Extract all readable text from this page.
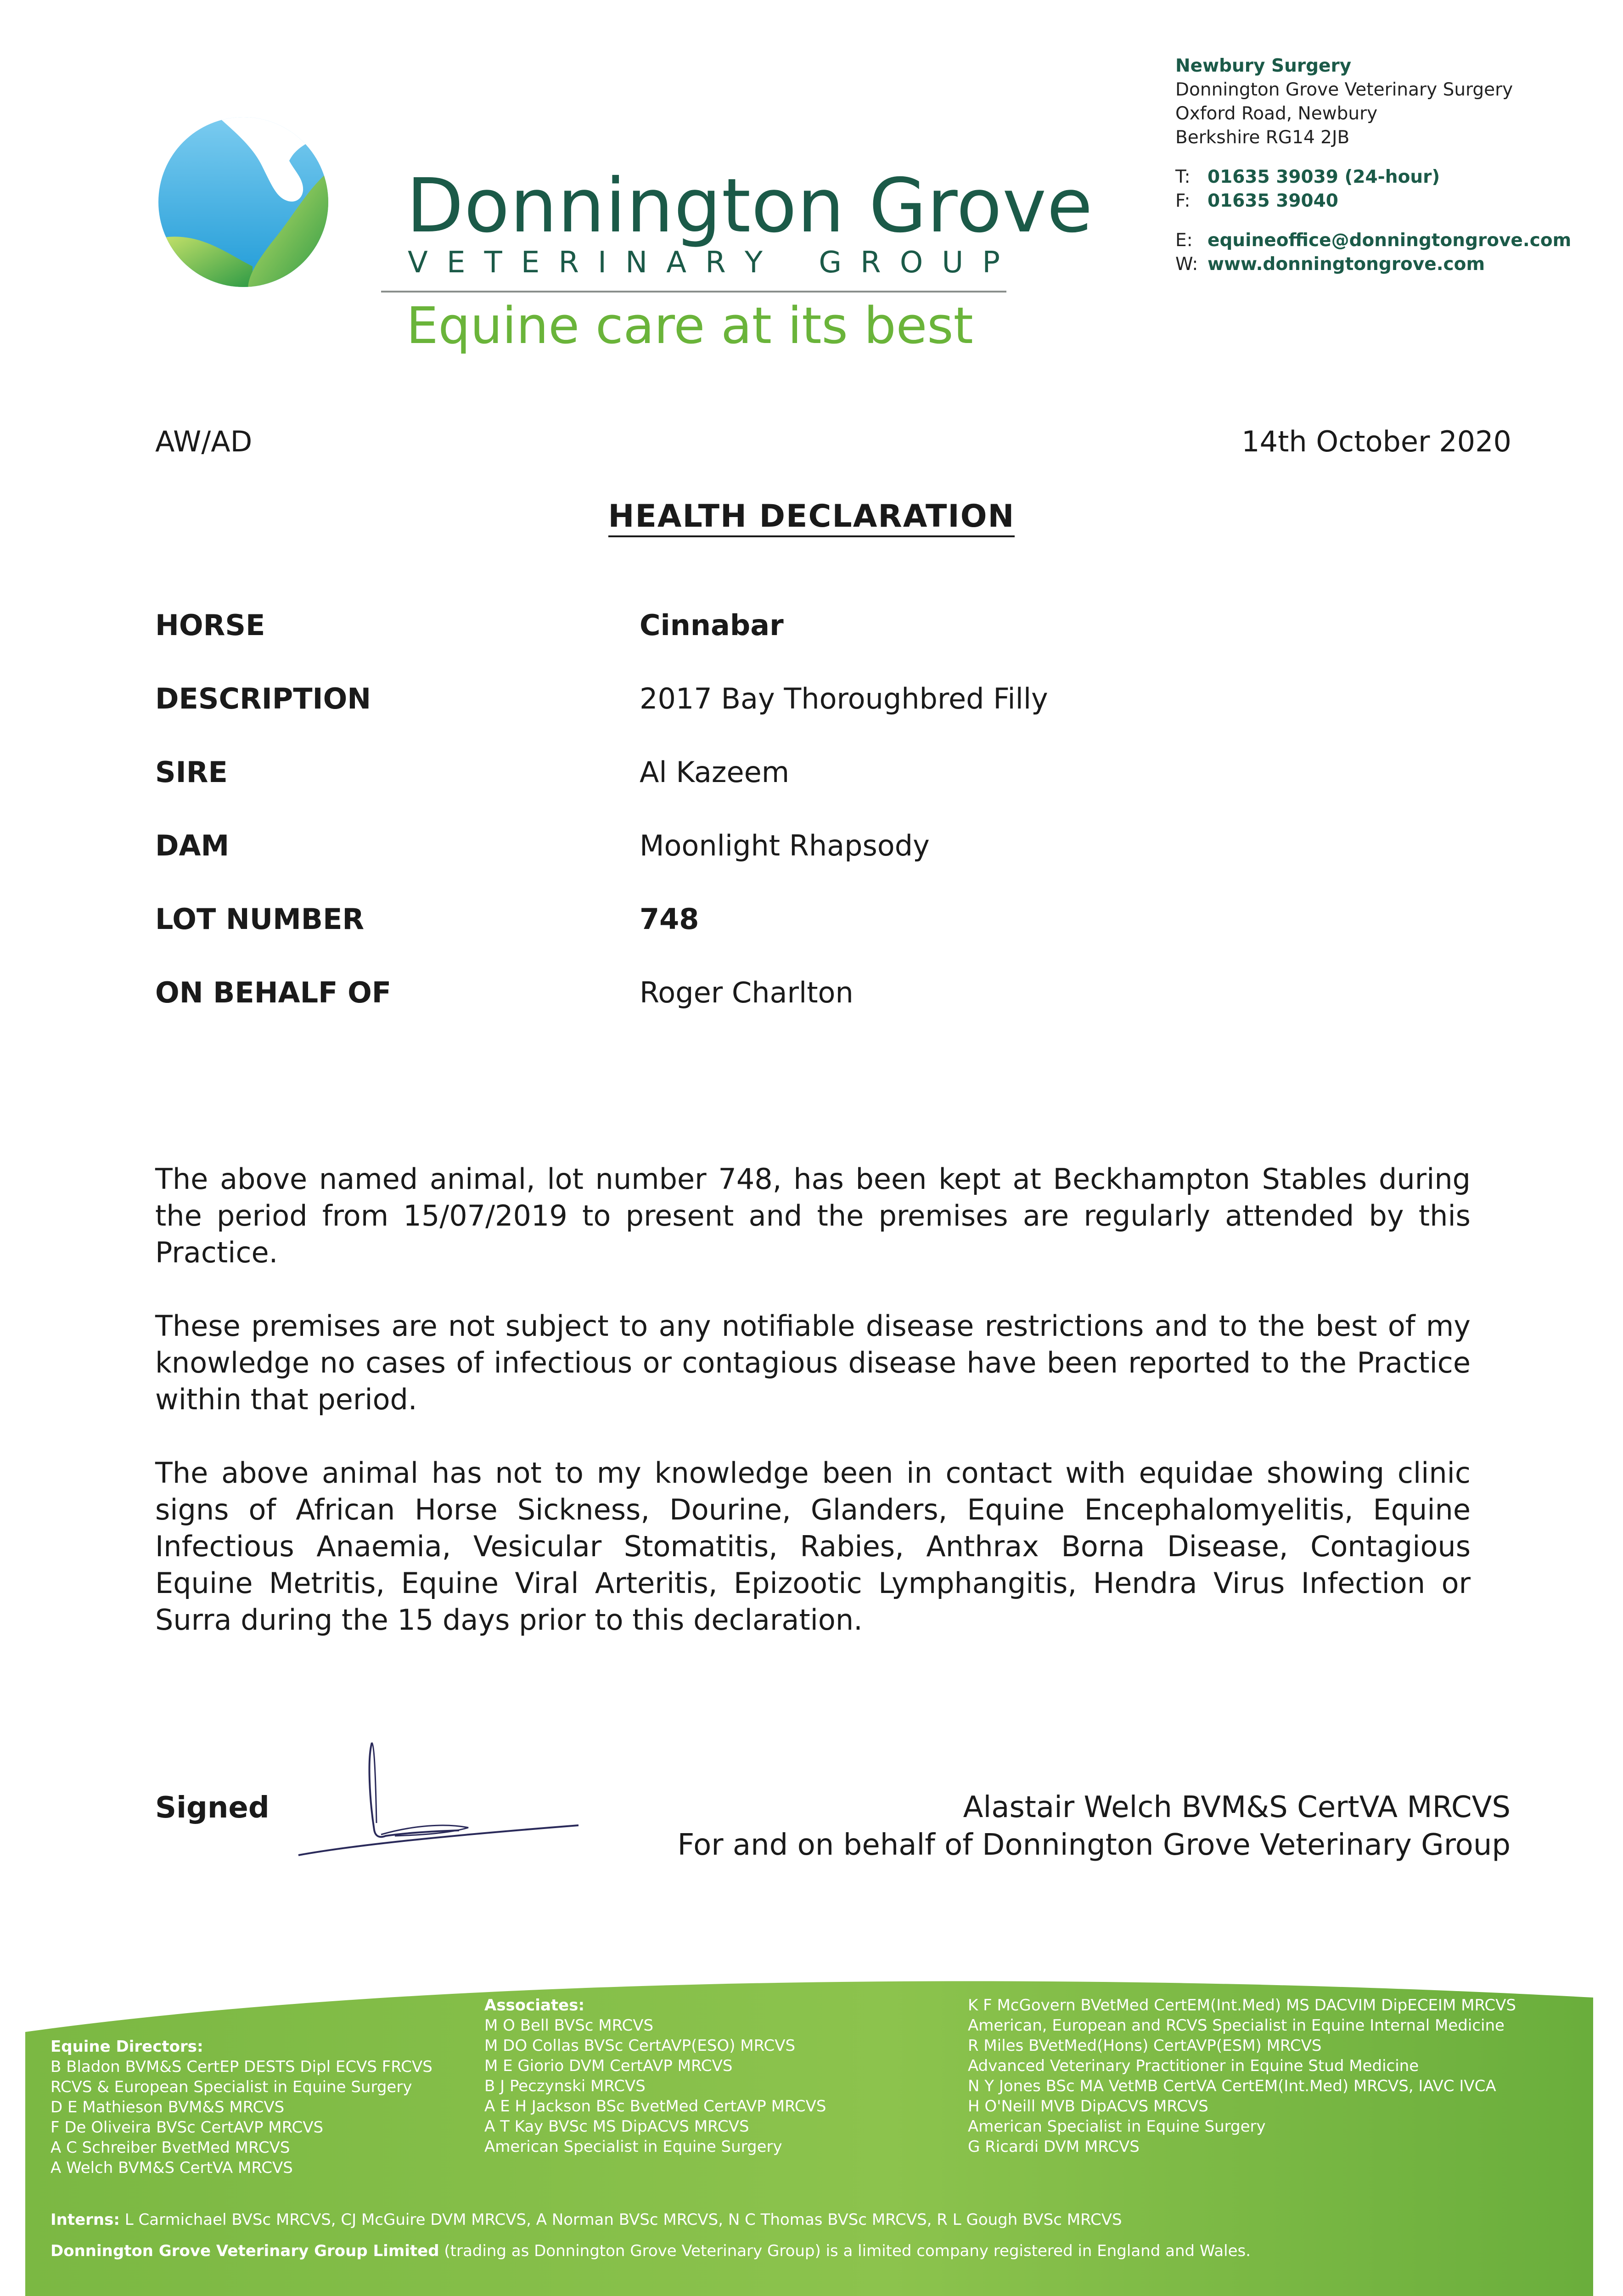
Donnington Grove
V E T E R I N A R Y G R O U P
Equine care at its best
Newbury Surgery
Donnington Grove Veterinary Surgery
Oxford Road, Newbury
Berkshire RG14 2JB
T: 01635 39039 (24-hour)
F: 01635 39040
E: equineoffice@donningtongrove.com
W: www.donningtongrove.com
AW/AD	14th October 2020
HEALTH DECLARATION
HORSE	Cinnabar
DESCRIPTION	2017 Bay Thoroughbred Filly
SIRE	Al Kazeem
DAM	Moonlight Rhapsody
LOT NUMBER	748
ON BEHALF OF	Roger Charlton

The above named animal, lot number 748, has been kept at Beckhampton Stables during the period from 15/07/2019 to present and the premises are regularly attended by this Practice.

These premises are not subject to any notifiable disease restrictions and to the best of my knowledge no cases of infectious or contagious disease have been reported to the Practice within that period.

The above animal has not to my knowledge been in contact with equidae showing clinic signs of African Horse Sickness, Dourine, Glanders, Equine Encephalomyelitis, Equine Infectious Anaemia, Vesicular Stomatitis, Rabies, Anthrax Borna Disease, Contagious Equine Metritis, Equine Viral Arteritis, Epizootic Lymphangitis, Hendra Virus Infection or Surra during the 15 days prior to this declaration.

Signed	Alastair Welch BVM&S CertVA MRCVS
For and on behalf of Donnington Grove Veterinary Group
Equine Directors:
B Bladon BVM&S CertEP DESTS Dipl ECVS FRCVS
RCVS & European Specialist in Equine Surgery
D E Mathieson BVM&S MRCVS
F De Oliveira BVSc CertAVP MRCVS
A C Schreiber BvetMed MRCVS
A Welch BVM&S CertVA MRCVS
Associates:
M O Bell BVSc MRCVS
M DO Collas BVSc CertAVP(ESO) MRCVS
M E Giorio DVM CertAVP MRCVS
B J Peczynski MRCVS
A E H Jackson BSc BvetMed CertAVP MRCVS
A T Kay BVSc MS DipACVS MRCVS
American Specialist in Equine Surgery
K F McGovern BVetMed CertEM(Int.Med) MS DACVIM DipECEIM MRCVS
American, European and RCVS Specialist in Equine Internal Medicine
R Miles BVetMed(Hons) CertAVP(ESM) MRCVS
Advanced Veterinary Practitioner in Equine Stud Medicine
N Y Jones BSc MA VetMB CertVA CertEM(Int.Med) MRCVS, IAVC IVCA
H O'Neill MVB DipACVS MRCVS
American Specialist in Equine Surgery
G Ricardi DVM MRCVS
Interns: L Carmichael BVSc MRCVS, CJ McGuire DVM MRCVS, A Norman BVSc MRCVS, N C Thomas BVSc MRCVS, R L Gough BVSc MRCVS
Donnington Grove Veterinary Group Limited (trading as Donnington Grove Veterinary Group) is a limited company registered in England and Wales.
